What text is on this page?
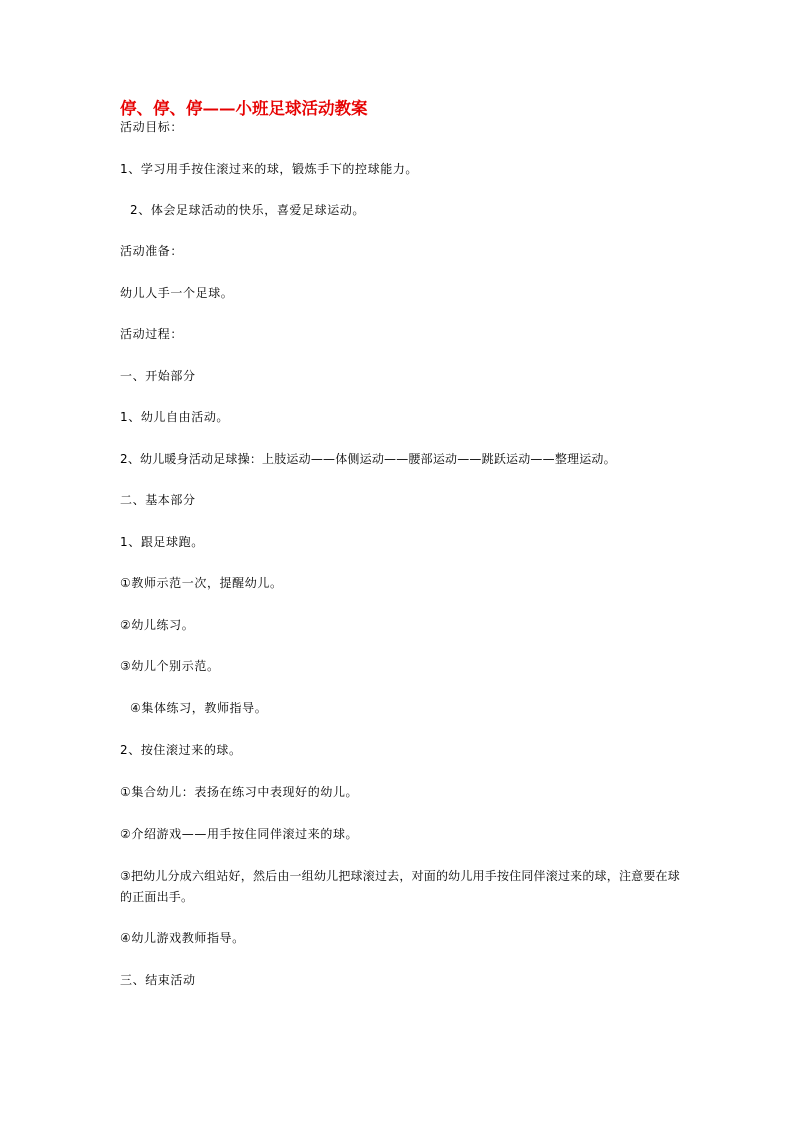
停、停、停——小班足球活动教案
活动目标：
1、学习用手按住滚过来的球，锻炼手下的控球能力。
2、体会足球活动的快乐，喜爱足球运动。
活动准备：
幼儿人手一个足球。
活动过程：
一、开始部分
1、幼儿自由活动。
2、幼儿暖身活动足球操：上肢运动——体侧运动——腰部运动——跳跃运动——整理运动。
二、基本部分
1、跟足球跑。
①教师示范一次，提醒幼儿。
②幼儿练习。
③幼儿个别示范。
④集体练习，教师指导。
2、按住滚过来的球。
①集合幼儿：表扬在练习中表现好的幼儿。
②介绍游戏——用手按住同伴滚过来的球。
③把幼儿分成六组站好，然后由一组幼儿把球滚过去，对面的幼儿用手按住同伴滚过来的球，注意要在球的正面出手。
④幼儿游戏教师指导。
三、结束活动
